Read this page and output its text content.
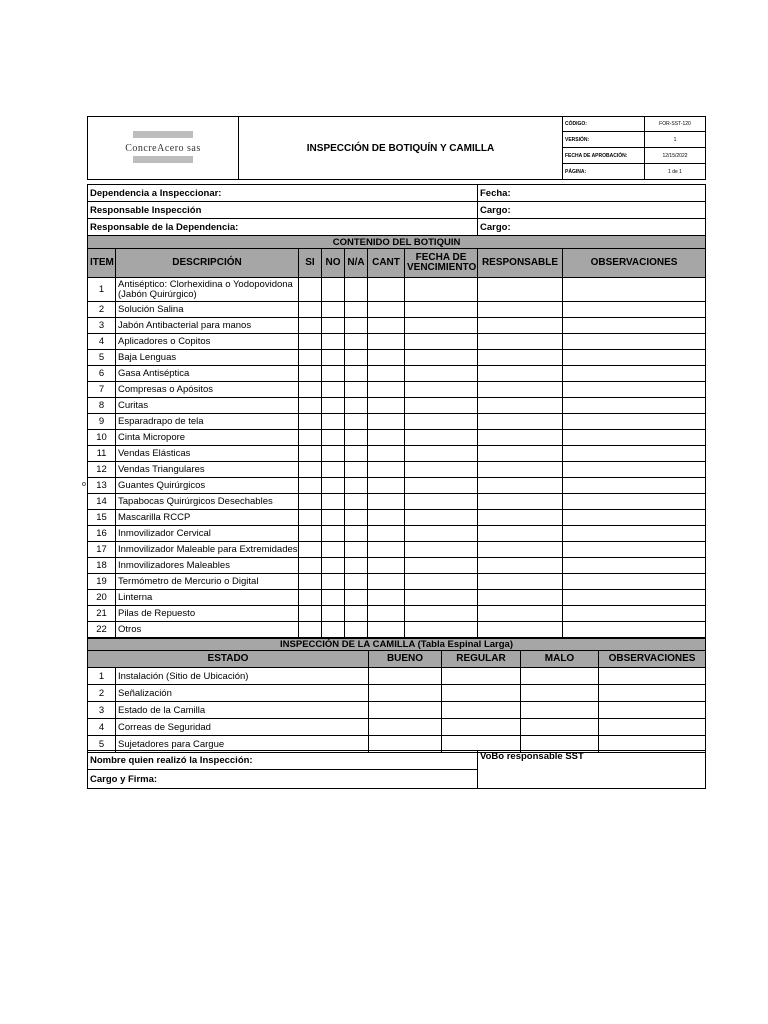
ConcreAcero sas	INSPECCIÓN DE BOTIQUÍN Y CAMILLA	CÓDIGO:	FOR-SST-120
		VERSIÓN:	1
		FECHA DE APROBACIÓN:	12/15/2022
		PÁGINA:	1 de 1
Dependencia a Inspeccionar:	Fecha:
Responsable Inspección	Cargo:
Responsable de la Dependencia:	Cargo:
CONTENIDO DEL BOTIQUIN								
ITEM	DESCRIPCIÓN	SI	NO	N/A	CANT	FECHA DE VENCIMIENTO	RESPONSABLE	OBSERVACIONES
1	Antiséptico: Clorhexidina o Yodopovidona (Jabón Quirúrgico)							
2	Solución Salina							
3	Jabón Antibacterial para manos							
4	Aplicadores o Copitos							
5	Baja Lenguas							
6	Gasa Antiséptica							
7	Compresas o Apósitos							
8	Curitas							
9	Esparadrapo de tela							
10	Cinta Micropore							
11	Vendas Elásticas							
12	Vendas Triangulares							
13	Guantes Quirúrgicos							
14	Tapabocas Quirúrgicos Desechables							
15	Mascarilla RCCP							
16	Inmovilizador Cervical							
17	Inmovilizador Maleable para Extremidades							
18	Inmovilizadores Maleables							
19	Termómetro de Mercurio o Digital							
20	Linterna							
21	Pilas de Repuesto							
22	Otros							
o
INSPECCIÓN DE LA CAMILLA (Tabla Espinal Larga)					
ESTADO		BUENO	REGULAR	MALO	OBSERVACIONES
1	Instalación (Sitio de Ubicación)				
2	Señalización				
3	Estado de la Camilla				
4	Correas de Seguridad				
5	Sujetadores para Cargue				
Nombre quien realizó la Inspección:	VoBo responsable SST
Cargo y Firma:
